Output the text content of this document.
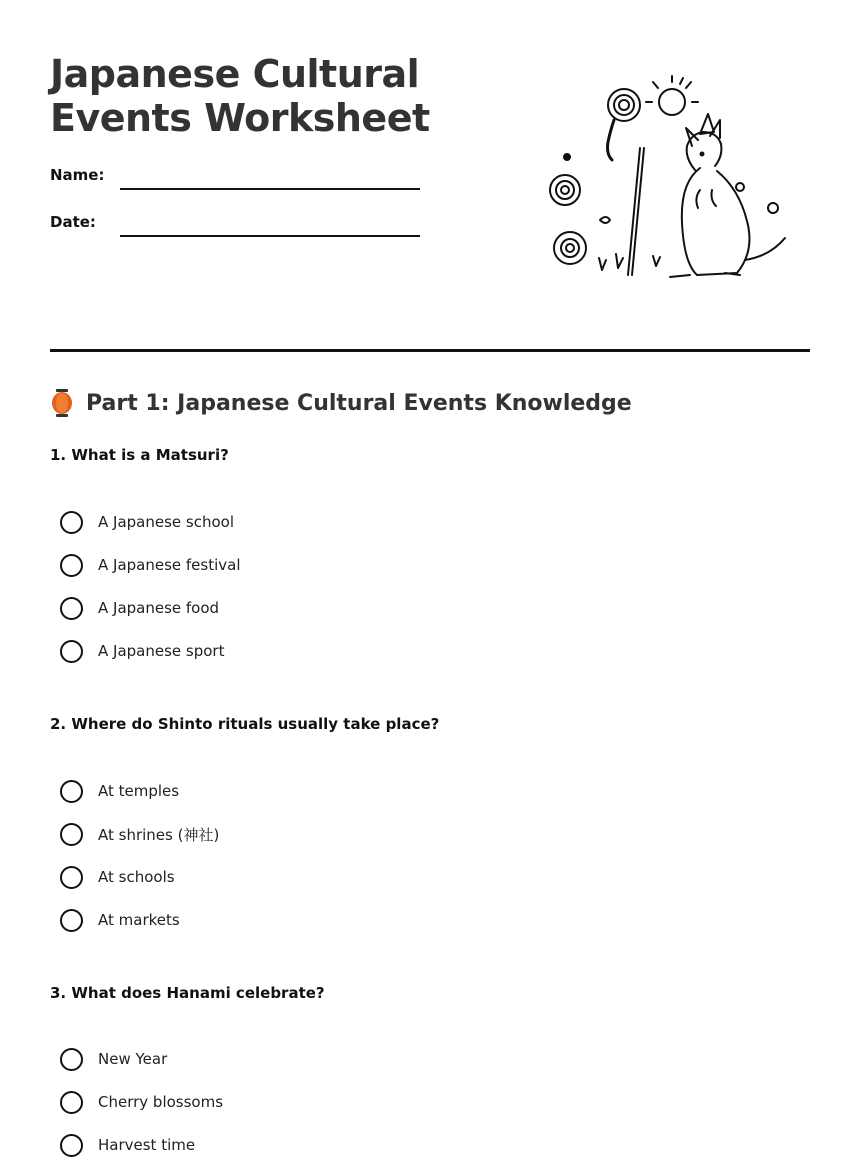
Japanese Cultural
Events Worksheet
Name:
Date:
Part 1: Japanese Cultural Events Knowledge
1. What is a Matsuri?
A Japanese school
A Japanese festival
A Japanese food
A Japanese sport
2. Where do Shinto rituals usually take place?
At temples
At shrines (神社)
At schools
At markets
3. What does Hanami celebrate?
New Year
Cherry blossoms
Harvest time
